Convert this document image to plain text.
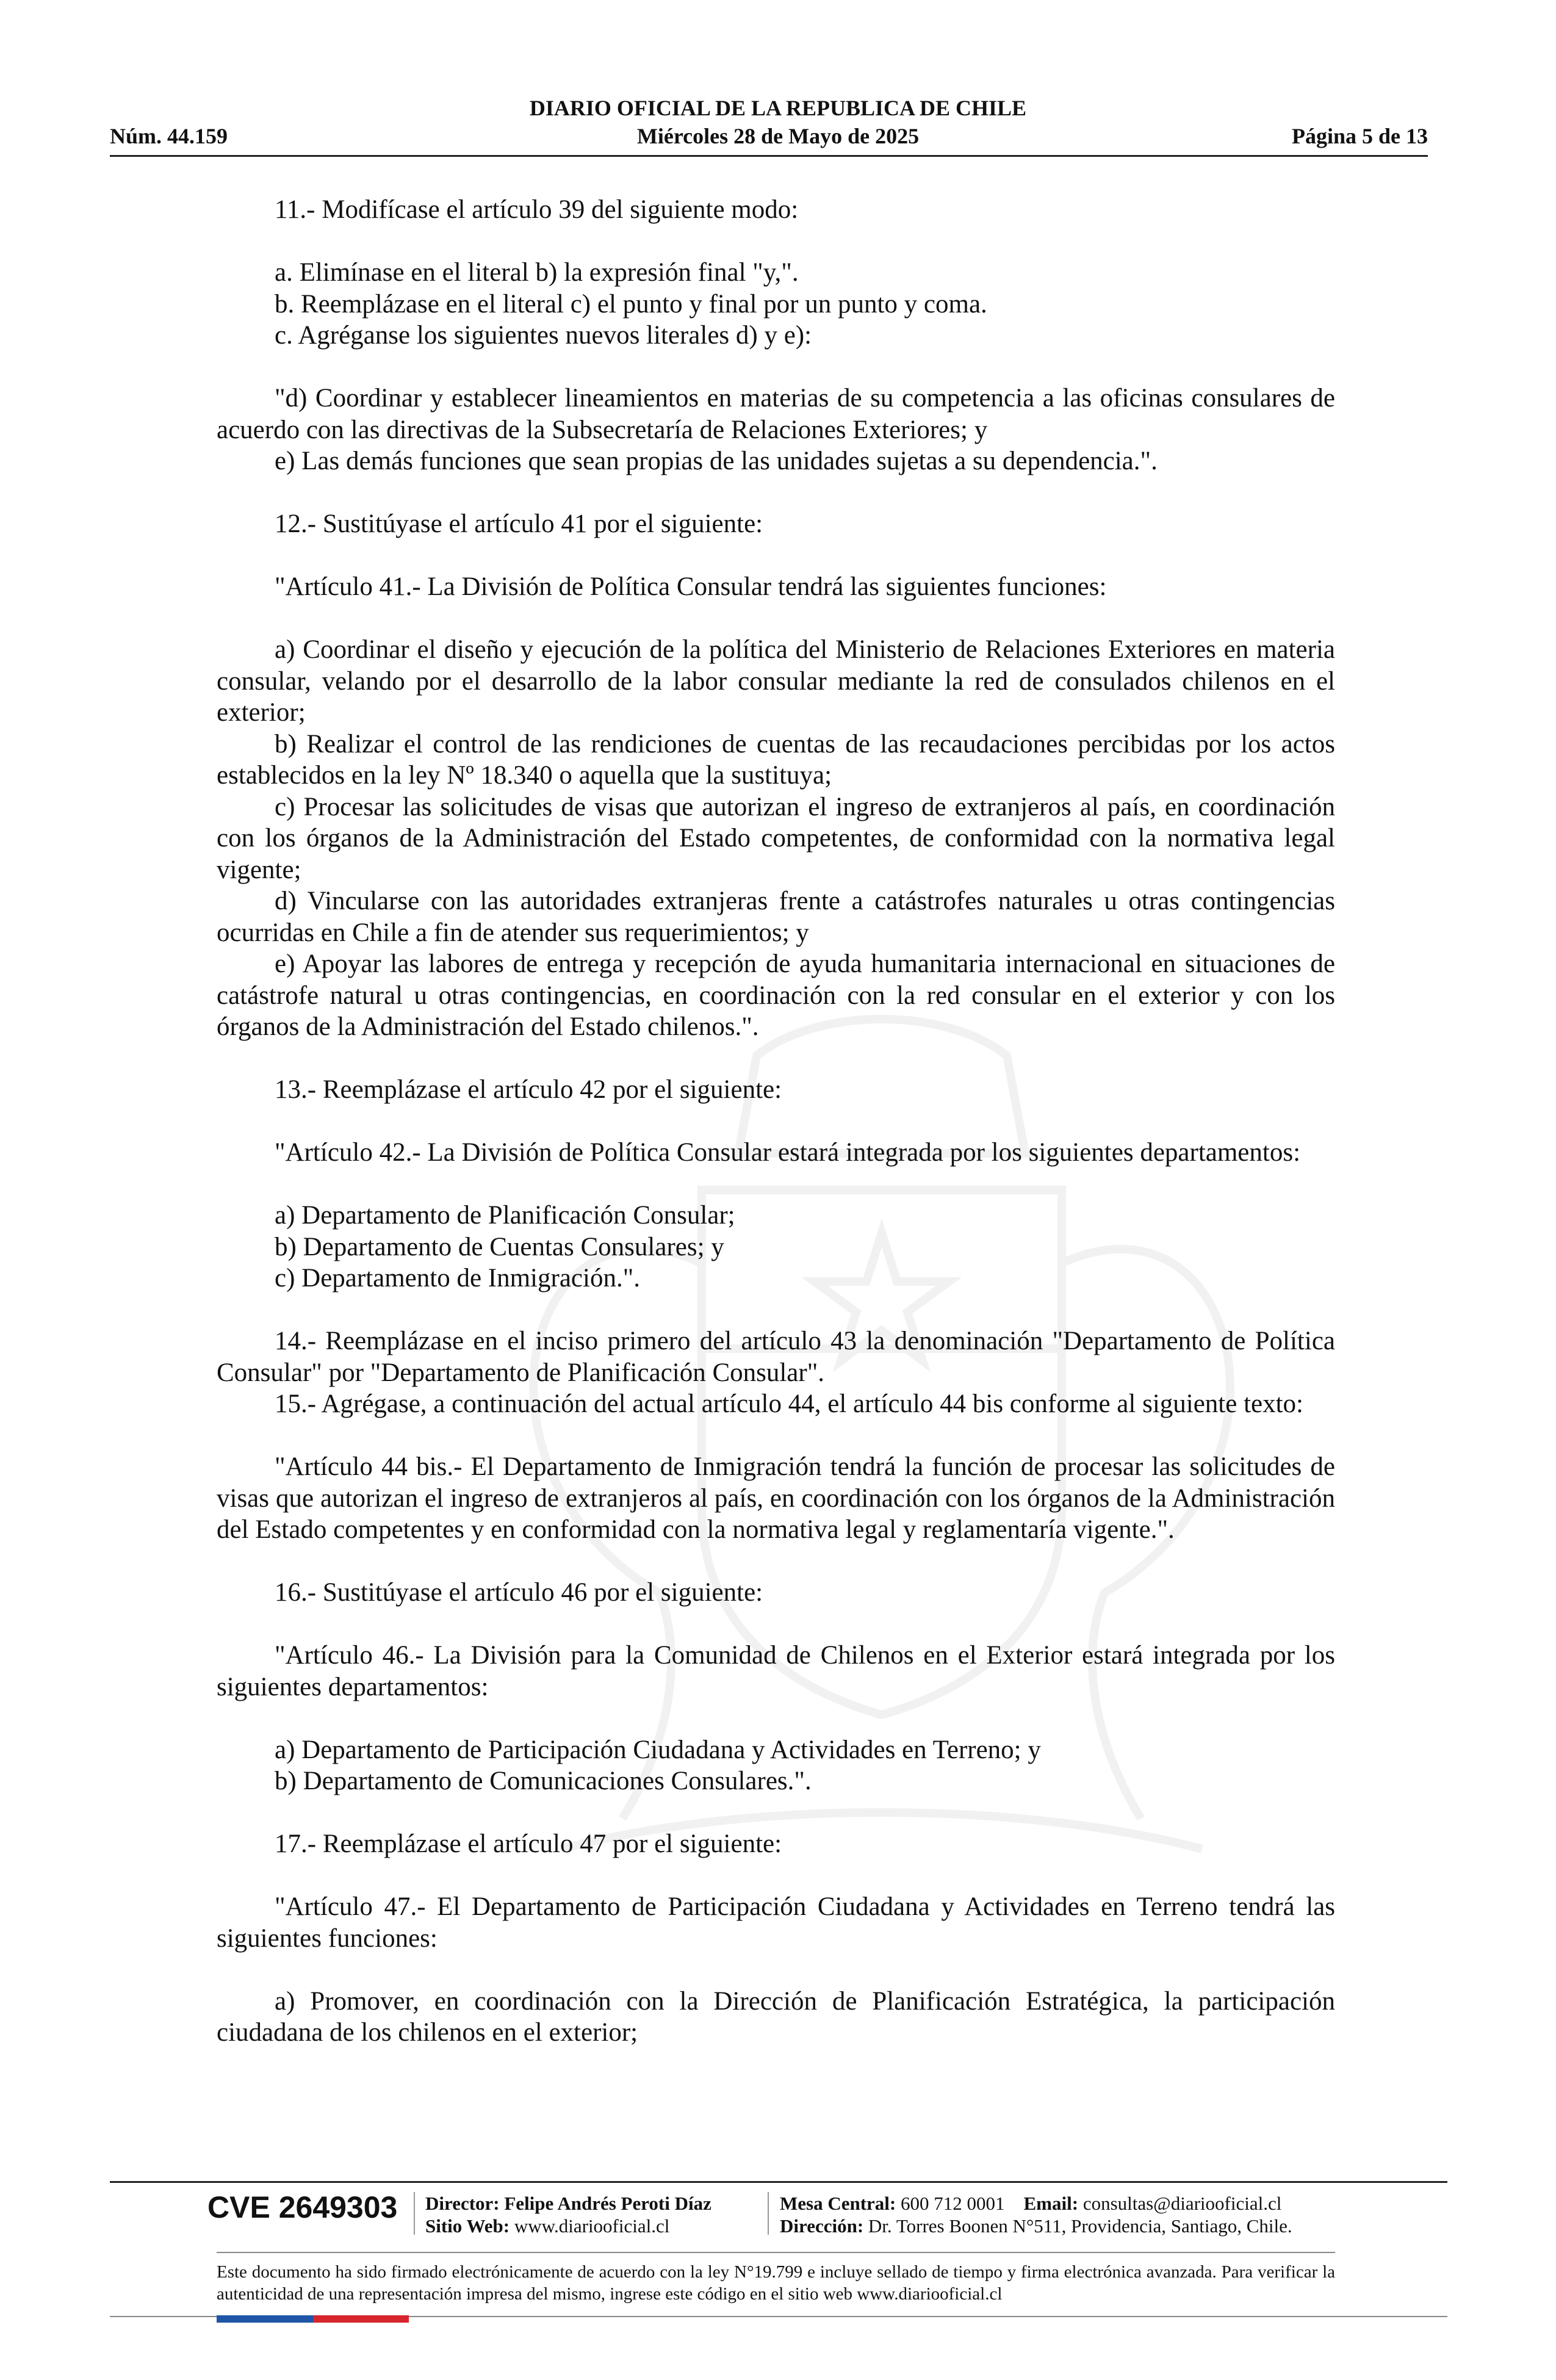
DIARIO OFICIAL DE LA REPUBLICA DE CHILE
Núm. 44.159	Miércoles 28 de Mayo de 2025	Página 5 de 13

11.- Modifícase el artículo 39 del siguiente modo:

a. Elimínase en el literal b) la expresión final "y,".

b. Reemplázase en el literal c) el punto y final por un punto y coma.

c. Agréganse los siguientes nuevos literales d) y e):

"d) Coordinar y establecer lineamientos en materias de su competencia a las oficinas consulares de acuerdo con las directivas de la Subsecretaría de Relaciones Exteriores; y

e) Las demás funciones que sean propias de las unidades sujetas a su dependencia.".

12.- Sustitúyase el artículo 41 por el siguiente:

"Artículo 41.- La División de Política Consular tendrá las siguientes funciones:

a) Coordinar el diseño y ejecución de la política del Ministerio de Relaciones Exteriores en materia consular, velando por el desarrollo de la labor consular mediante la red de consulados chilenos en el exterior;

b) Realizar el control de las rendiciones de cuentas de las recaudaciones percibidas por los actos establecidos en la ley Nº 18.340 o aquella que la sustituya;

c) Procesar las solicitudes de visas que autorizan el ingreso de extranjeros al país, en coordinación con los órganos de la Administración del Estado competentes, de conformidad con la normativa legal vigente;

d) Vincularse con las autoridades extranjeras frente a catástrofes naturales u otras contingencias ocurridas en Chile a fin de atender sus requerimientos; y

e) Apoyar las labores de entrega y recepción de ayuda humanitaria internacional en situaciones de catástrofe natural u otras contingencias, en coordinación con la red consular en el exterior y con los órganos de la Administración del Estado chilenos.".

13.- Reemplázase el artículo 42 por el siguiente:

"Artículo 42.- La División de Política Consular estará integrada por los siguientes departamentos:

a) Departamento de Planificación Consular;

b) Departamento de Cuentas Consulares; y

c) Departamento de Inmigración.".

14.- Reemplázase en el inciso primero del artículo 43 la denominación "Departamento de Política Consular" por "Departamento de Planificación Consular".

15.- Agrégase, a continuación del actual artículo 44, el artículo 44 bis conforme al siguiente texto:

"Artículo 44 bis.- El Departamento de Inmigración tendrá la función de procesar las solicitudes de visas que autorizan el ingreso de extranjeros al país, en coordinación con los órganos de la Administración del Estado competentes y en conformidad con la normativa legal y reglamentaría vigente.".

16.- Sustitúyase el artículo 46 por el siguiente:

"Artículo 46.- La División para la Comunidad de Chilenos en el Exterior estará integrada por los siguientes departamentos:

a) Departamento de Participación Ciudadana y Actividades en Terreno; y

b) Departamento de Comunicaciones Consulares.".

17.- Reemplázase el artículo 47 por el siguiente:

"Artículo 47.- El Departamento de Participación Ciudadana y Actividades en Terreno tendrá las siguientes funciones:

a) Promover, en coordinación con la Dirección de Planificación Estratégica, la participación ciudadana de los chilenos en el exterior;

CVE 2649303 Director: Felipe Andrés Peroti Díaz
Sitio Web: www.diariooficial.cl
Mesa Central: 600 712 0001 Email: consultas@diariooficial.cl
Dirección: Dr. Torres Boonen N°511, Providencia, Santiago, Chile.
Este documento ha sido firmado electrónicamente de acuerdo con la ley N°19.799 e incluye sellado de tiempo y firma electrónica avanzada. Para verificar la autenticidad de una representación impresa del mismo, ingrese este código en el sitio web www.diariooficial.cl
